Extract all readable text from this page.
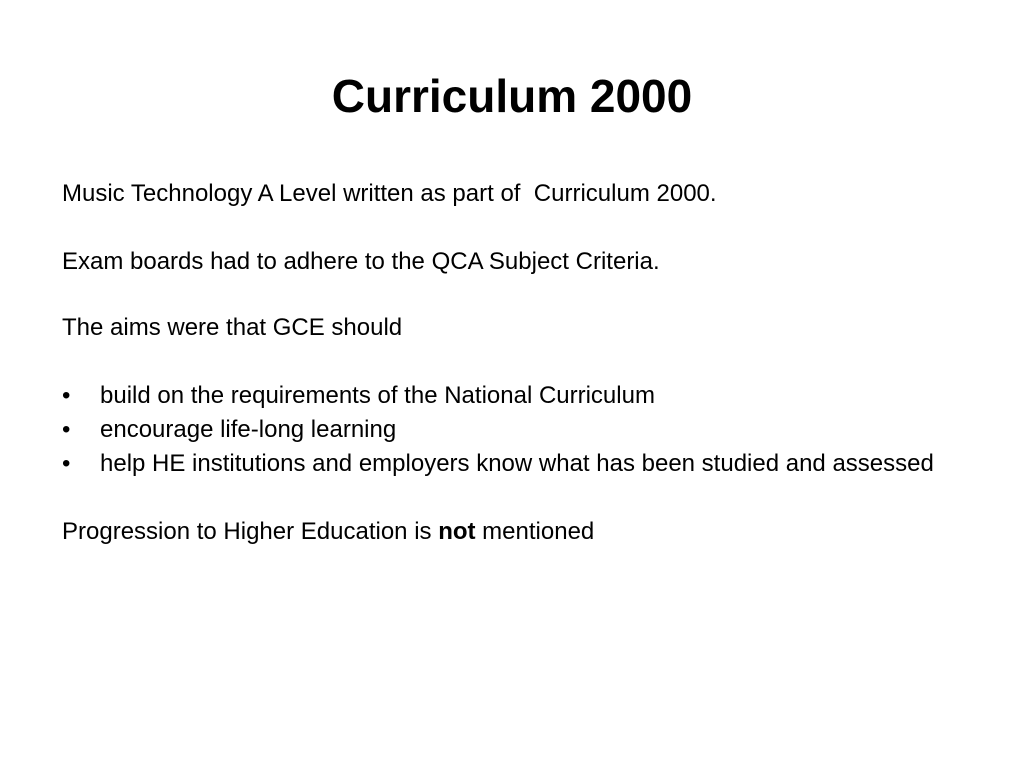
Curriculum 2000

Music Technology A Level written as part of  Curriculum 2000.

Exam boards had to adhere to the QCA Subject Criteria.

The aims were that GCE should

• build on the requirements of the National Curriculum
• encourage life-long learning
• help HE institutions and employers know what has been studied and assessed

Progression to Higher Education is not mentioned
